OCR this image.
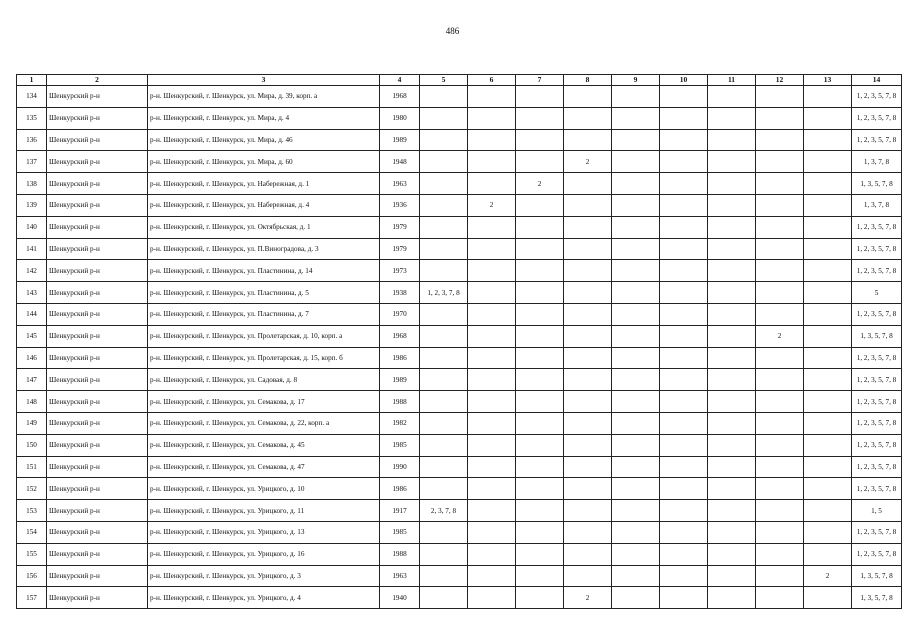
486
1	2	3	4	5	6	7	8	9	10	11	12	13	14
134	Шенкурский р-н	р-н. Шенкурский, г. Шенкурск, ул. Мира, д. 39, корп. а	1968										1, 2, 3, 5, 7, 8
135	Шенкурский р-н	р-н. Шенкурский, г. Шенкурск, ул. Мира, д. 4	1980										1, 2, 3, 5, 7, 8
136	Шенкурский р-н	р-н. Шенкурский, г. Шенкурск, ул. Мира, д. 46	1989										1, 2, 3, 5, 7, 8
137	Шенкурский р-н	р-н. Шенкурский, г. Шенкурск, ул. Мира, д. 60	1948				2						1, 3, 7, 8
138	Шенкурский р-н	р-н. Шенкурский, г. Шенкурск, ул. Набережная, д. 1	1963			2							1, 3, 5, 7, 8
139	Шенкурский р-н	р-н. Шенкурский, г. Шенкурск, ул. Набережная, д. 4	1936		2								1, 3, 7, 8
140	Шенкурский р-н	р-н. Шенкурский, г. Шенкурск, ул. Октябрьская, д. 1	1979										1, 2, 3, 5, 7, 8
141	Шенкурский р-н	р-н. Шенкурский, г. Шенкурск, ул. П.Виноградова, д. 3	1979										1, 2, 3, 5, 7, 8
142	Шенкурский р-н	р-н. Шенкурский, г. Шенкурск, ул. Пластинина, д. 14	1973										1, 2, 3, 5, 7, 8
143	Шенкурский р-н	р-н. Шенкурский, г. Шенкурск, ул. Пластинина, д. 5	1938	1, 2, 3, 7, 8									5
144	Шенкурский р-н	р-н. Шенкурский, г. Шенкурск, ул. Пластинина, д. 7	1970										1, 2, 3, 5, 7, 8
145	Шенкурский р-н	р-н. Шенкурский, г. Шенкурск, ул. Пролетарская, д. 10, корп. а	1968								2		1, 3, 5, 7, 8
146	Шенкурский р-н	р-н. Шенкурский, г. Шенкурск, ул. Пролетарская, д. 15, корп. б	1986										1, 2, 3, 5, 7, 8
147	Шенкурский р-н	р-н. Шенкурский, г. Шенкурск, ул. Садовая, д. 8	1989										1, 2, 3, 5, 7, 8
148	Шенкурский р-н	р-н. Шенкурский, г. Шенкурск, ул. Семакова, д. 17	1988										1, 2, 3, 5, 7, 8
149	Шенкурский р-н	р-н. Шенкурский, г. Шенкурск, ул. Семакова, д. 22, корп. а	1982										1, 2, 3, 5, 7, 8
150	Шенкурский р-н	р-н. Шенкурский, г. Шенкурск, ул. Семакова, д. 45	1985										1, 2, 3, 5, 7, 8
151	Шенкурский р-н	р-н. Шенкурский, г. Шенкурск, ул. Семакова, д. 47	1990										1, 2, 3, 5, 7, 8
152	Шенкурский р-н	р-н. Шенкурский, г. Шенкурск, ул. Урицкого, д. 10	1986										1, 2, 3, 5, 7, 8
153	Шенкурский р-н	р-н. Шенкурский, г. Шенкурск, ул. Урицкого, д. 11	1917	2, 3, 7, 8									1, 5
154	Шенкурский р-н	р-н. Шенкурский, г. Шенкурск, ул. Урицкого, д. 13	1985										1, 2, 3, 5, 7, 8
155	Шенкурский р-н	р-н. Шенкурский, г. Шенкурск, ул. Урицкого, д. 16	1988										1, 2, 3, 5, 7, 8
156	Шенкурский р-н	р-н. Шенкурский, г. Шенкурск, ул. Урицкого, д. 3	1963									2	1, 3, 5, 7, 8
157	Шенкурский р-н	р-н. Шенкурский, г. Шенкурск, ул. Урицкого, д. 4	1940				2						1, 3, 5, 7, 8
